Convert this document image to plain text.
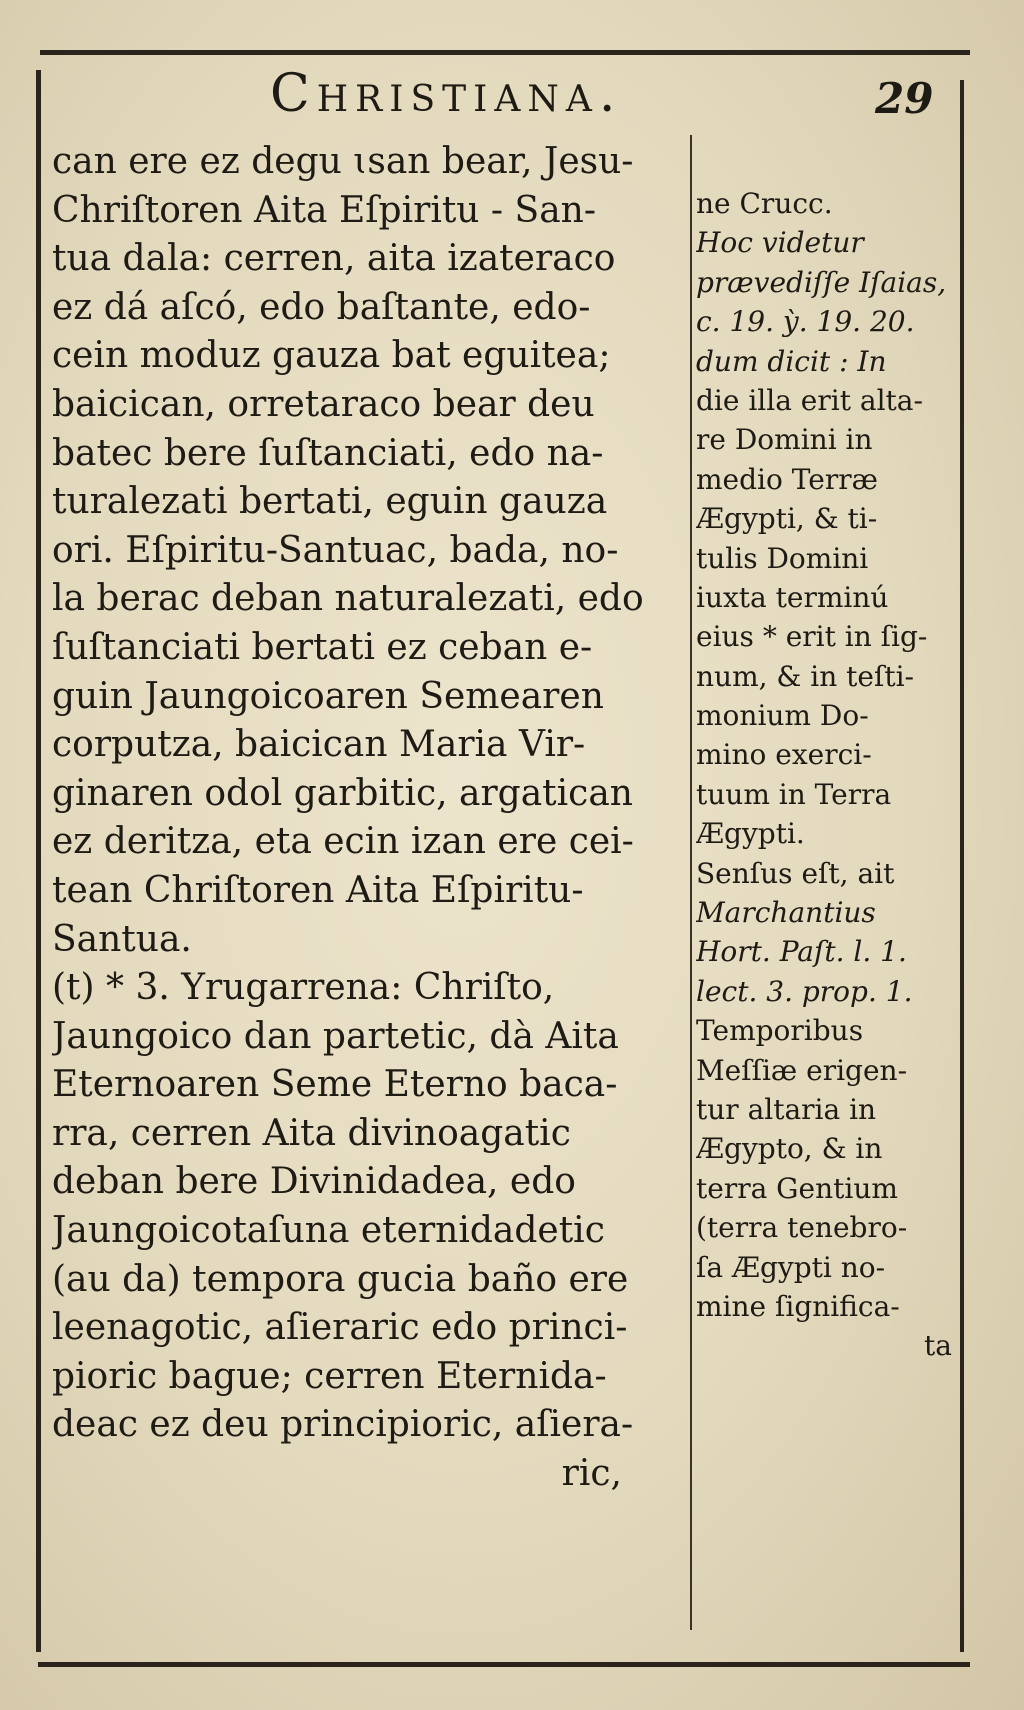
Christiana.	29
can ere ez degu ɩsan bear, Jesu-
Chriſtoren Aita Eſpiritu - San-
tua dala: cerren, aita izateraco
ez dá aſcó, edo baſtante, edo-
cein moduz gauza bat eguitea;
baicican, orretaraco bear deu
batec bere ſuſtanciati, edo na-
turalezati bertati, eguin gauza
ori. Eſpiritu-Santuac, bada, no-
la berac deban naturalezati, edo
ſuſtanciati bertati ez ceban e-
guin Jaungoicoaren Semearen
corputza, baicican Maria Vir-
ginaren odol garbitic, argatican
ez deritza, eta ecin izan ere cei-
tean Chriſtoren Aita Eſpiritu-
Santua.
(t) * 3. Yrugarrena: Chriſto,
Jaungoico dan partetic, dà Aita
Eternoaren Seme Eterno baca-
rra, cerren Aita divinoagatic
deban bere Divinidadea, edo
Jaungoicotaſuna eternidadetic
(au da) tempora gucia baño ere
leenagotic, aſieraric edo princi-
pioric bague; cerren Eternida-
deac ez deu principioric, aſiera-
ric,
ne Crucc.
Hoc videtur
prævediſſe Iſaias,
c. 19. ỳ. 19. 20.
dum dicit : In
die illa erit alta-
re Domini in
medio Terræ
Ægypti, & ti-
tulis Domini
iuxta terminú
eius * erit in ſig-
num, & in teſti-
monium Do-
mino exerci-
tuum in Terra
Ægypti.
Senſus eſt, ait
Marchantius
Hort. Paſt. l. 1.
lect. 3. prop. 1.
Temporibus
Meſſiæ erigen-
tur altaria in
Ægypto, & in
terra Gentium
(terra tenebro-
ſa Ægypti no-
mine ſignifica-
ta
